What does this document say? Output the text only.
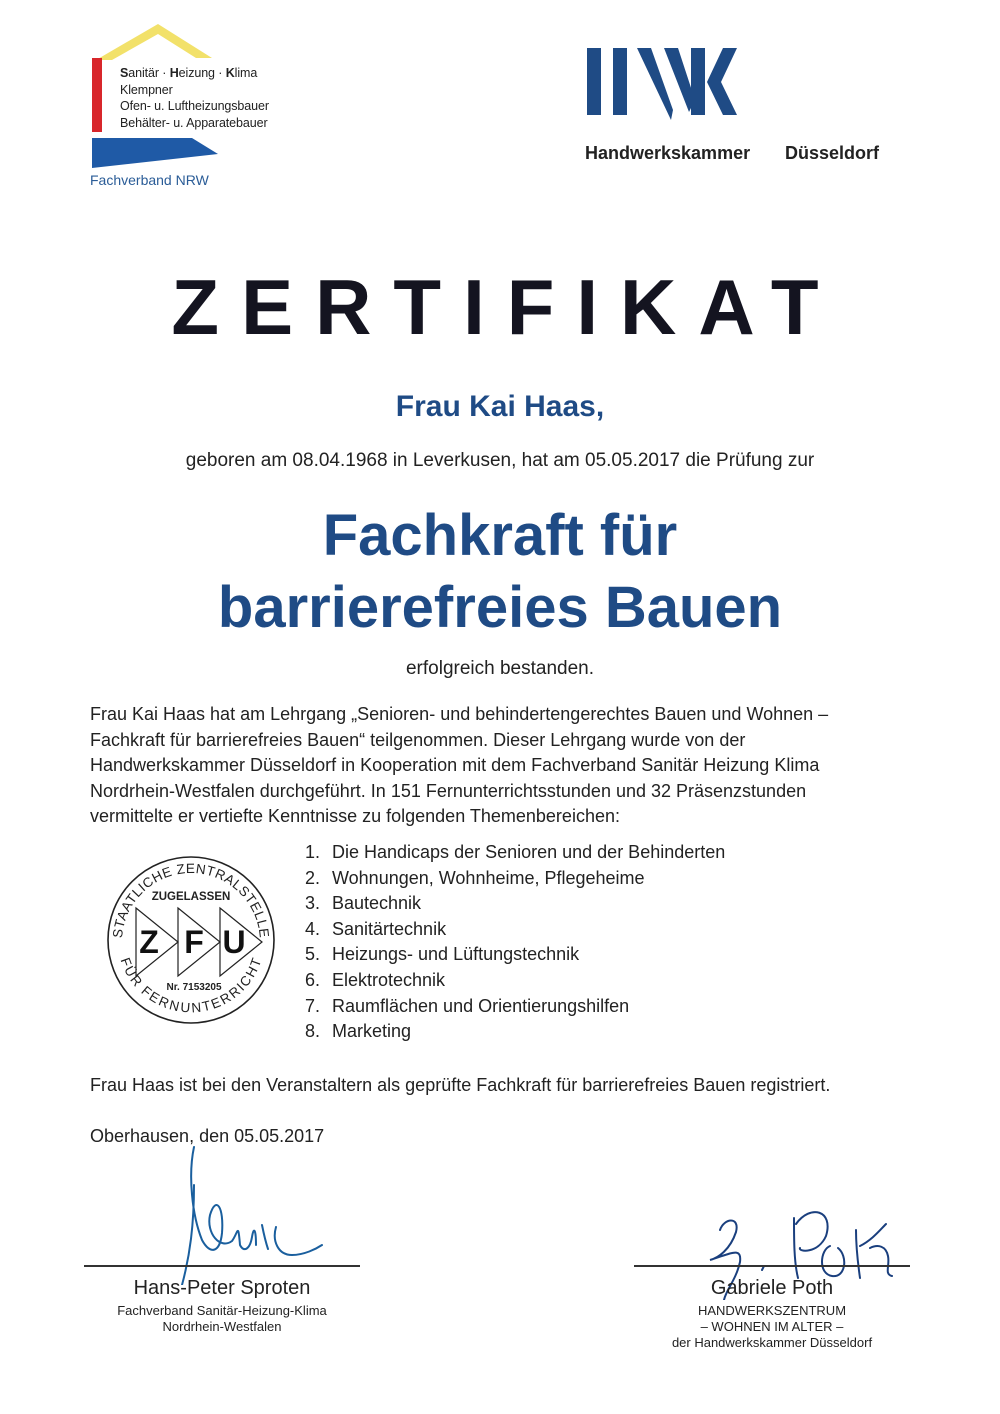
Sanitär · Heizung · Klima
Klempner
Ofen- u. Luftheizungsbauer
Behälter- u. Apparatebauer
Fachverband NRW
Handwerkskammer Düsseldorf
ZERTIFIKAT
Frau Kai Haas,
geboren am 08.04.1968 in Leverkusen, hat am 05.05.2017 die Prüfung zur
Fachkraft für
barrierefreies Bauen
erfolgreich bestanden.
Frau Kai Haas hat am Lehrgang „Senioren- und behindertengerechtes Bauen und Wohnen –
Fachkraft für barrierefreies Bauen“ teilgenommen. Dieser Lehrgang wurde von der
Handwerkskammer Düsseldorf in Kooperation mit dem Fachverband Sanitär Heizung Klima
Nordrhein-Westfalen durchgeführt. In 151 Fernunterrichtsstunden und 32 Präsenzstunden
vermittelte er vertiefte Kenntnisse zu folgenden Themenbereichen:
STAATLICHE ZENTRALSTELLE
FÜR FERNUNTERRICHT
ZUGELASSEN
Z F U
Nr. 7153205
1. Die Handicaps der Senioren und der Behinderten
2. Wohnungen, Wohnheime, Pflegeheime
3. Bautechnik
4. Sanitärtechnik
5. Heizungs- und Lüftungstechnik
6. Elektrotechnik
7. Raumflächen und Orientierungshilfen
8. Marketing
Frau Haas ist bei den Veranstaltern als geprüfte Fachkraft für barrierefreies Bauen registriert.
Oberhausen, den 05.05.2017
Hans-Peter Sproten
Fachverband Sanitär-Heizung-Klima
Nordrhein-Westfalen
Gabriele Poth
HANDWERKSZENTRUM
– WOHNEN IM ALTER –
der Handwerkskammer Düsseldorf
